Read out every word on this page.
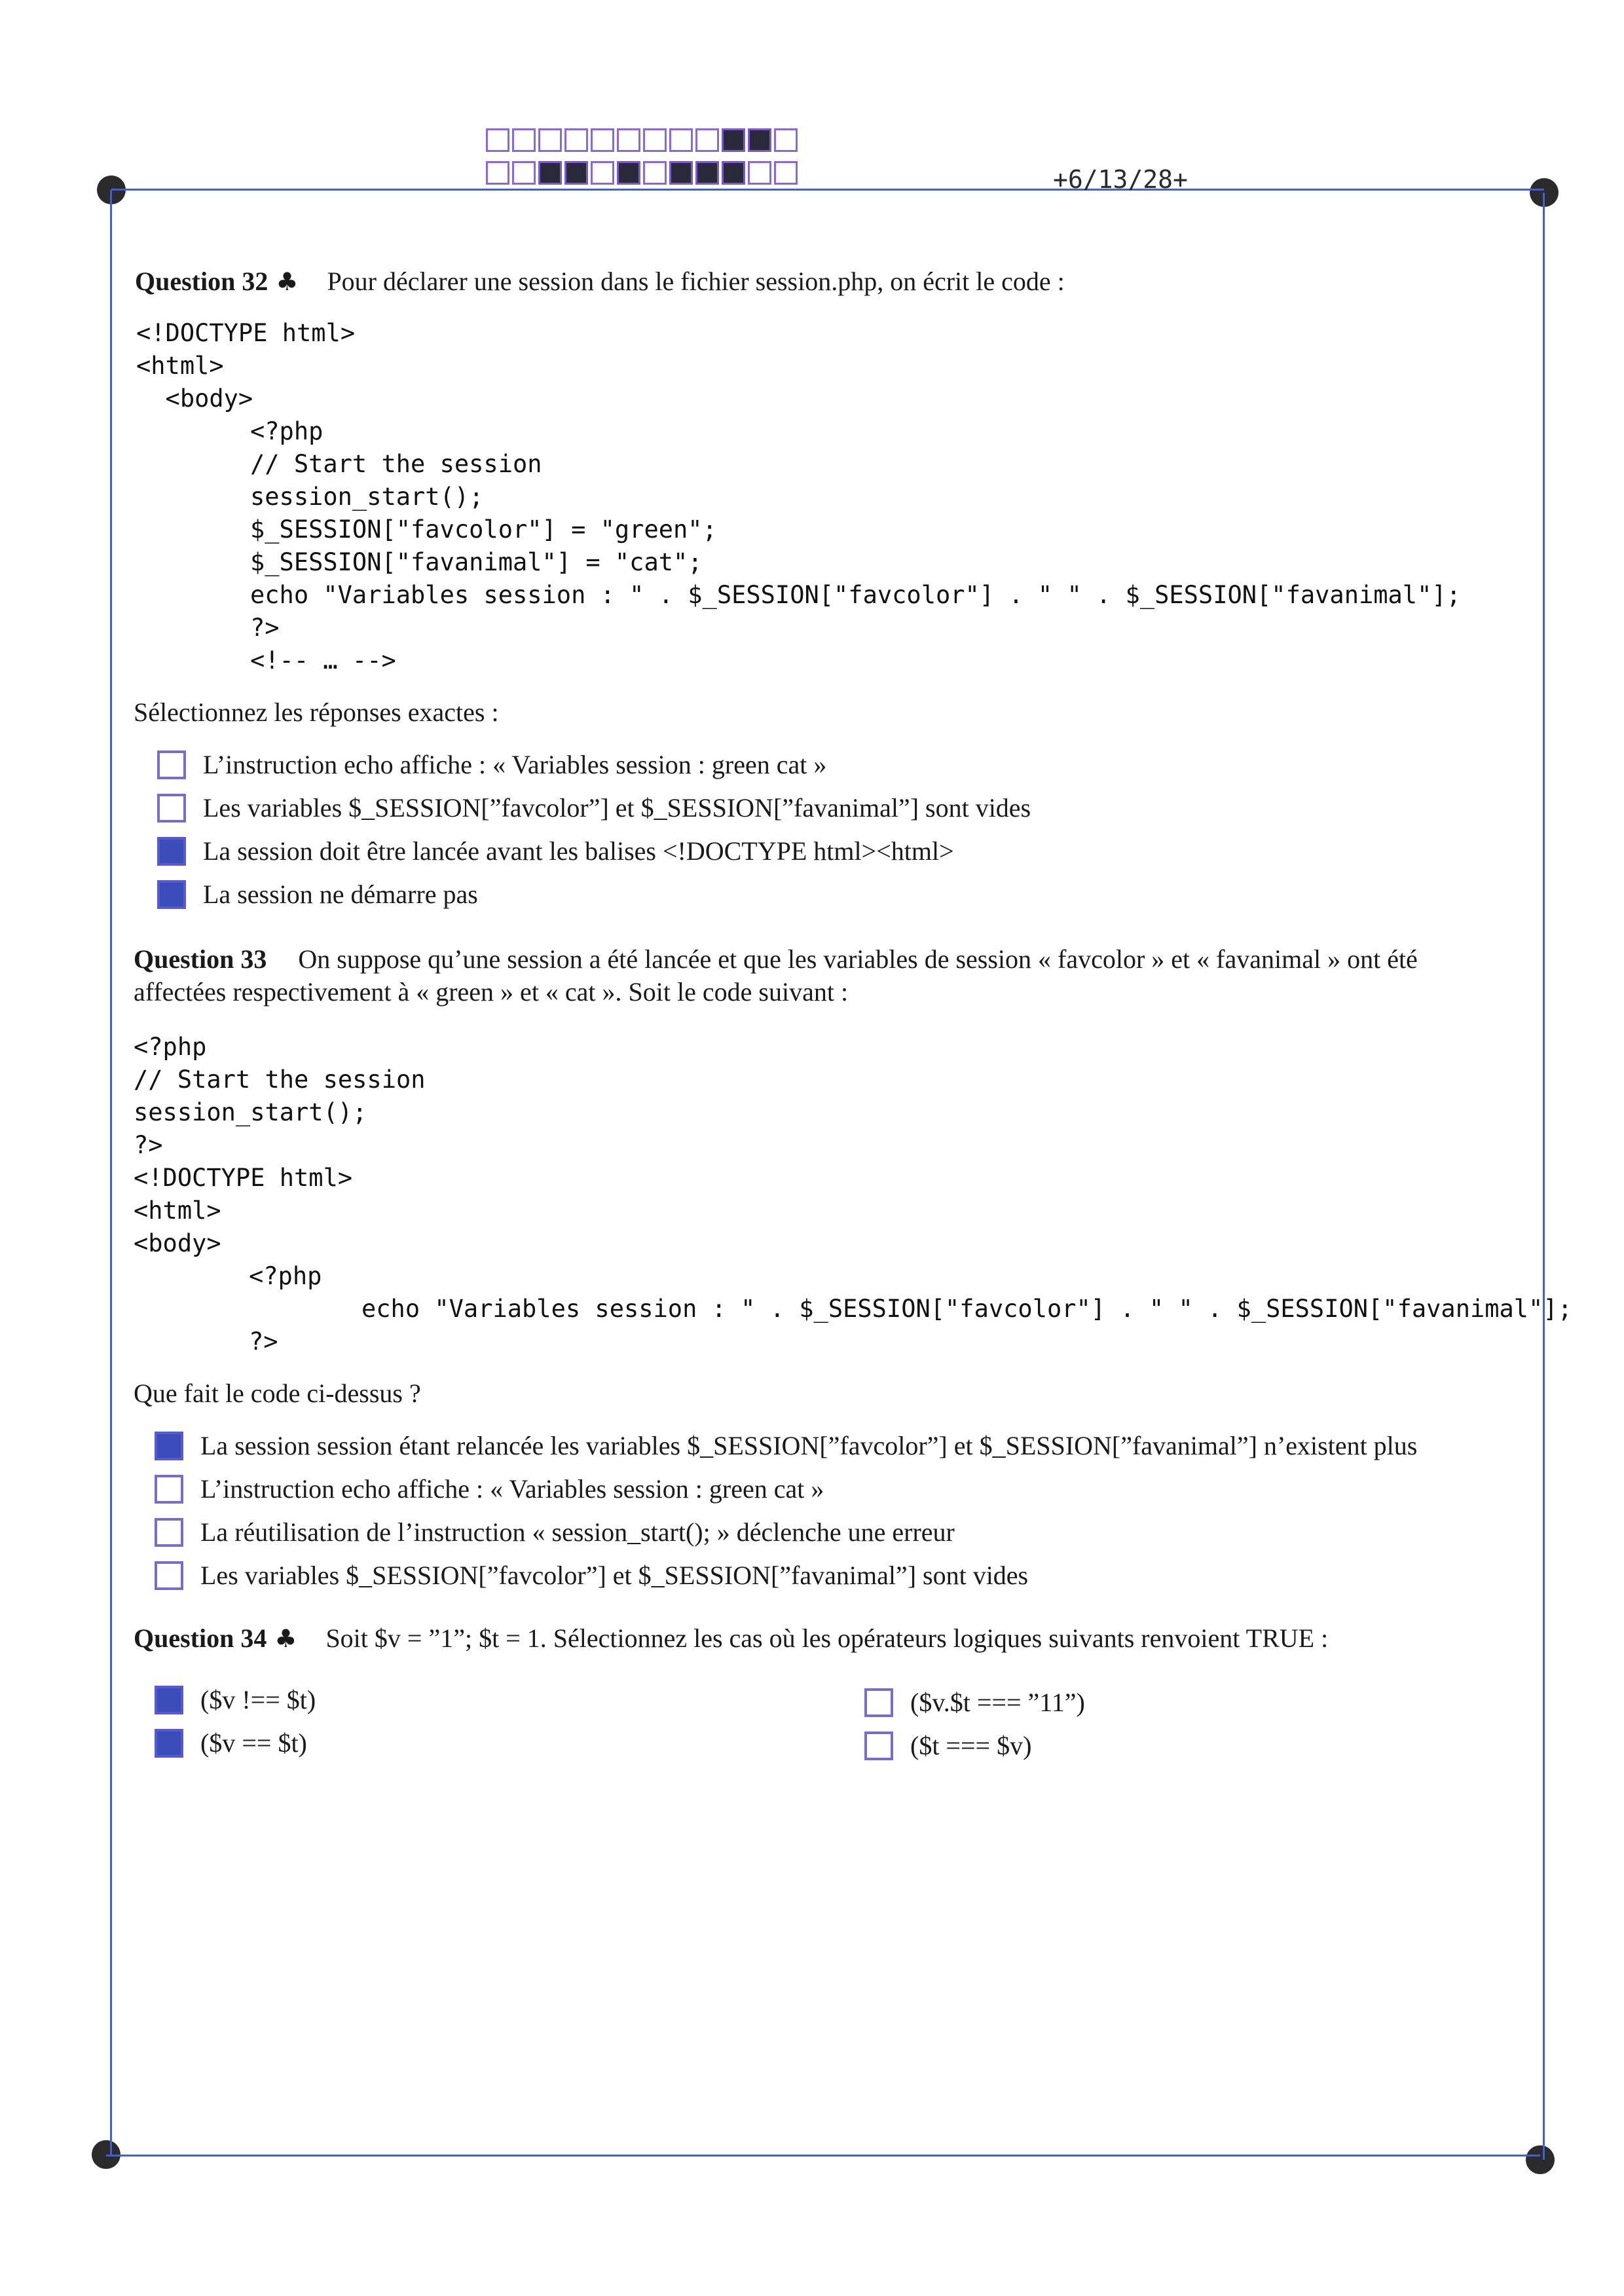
+6/13/28+
Question 32 ♣ Pour déclarer une session dans le fichier session.php, on écrit le code :
<!DOCTYPE html>
<html>
<body>
<?php
// Start the session
session_start();
$_SESSION["favcolor"] = "green";
$_SESSION["favanimal"] = "cat";
echo "Variables session : " . $_SESSION["favcolor"] . " " . $_SESSION["favanimal"];
?>
<!-- … -->
Sélectionnez les réponses exactes :
L’instruction echo affiche : « Variables session : green cat »
Les variables $_SESSION[”favcolor”] et $_SESSION[”favanimal”] sont vides
La session doit être lancée avant les balises <!DOCTYPE html><html>
La session ne démarre pas
Question 33 On suppose qu’une session a été lancée et que les variables de session « favcolor » et « favanimal » ont été
affectées respectivement à « green » et « cat ». Soit le code suivant :
<?php
// Start the session
session_start();
?>
<!DOCTYPE html>
<html>
<body>
<?php
echo "Variables session : " . $_SESSION["favcolor"] . " " . $_SESSION["favanimal"];
?>
Que fait le code ci-dessus ?
La session session étant relancée les variables $_SESSION[”favcolor”] et $_SESSION[”favanimal”] n’existent plus
L’instruction echo affiche : « Variables session : green cat »
La réutilisation de l’instruction « session_start(); » déclenche une erreur
Les variables $_SESSION[”favcolor”] et $_SESSION[”favanimal”] sont vides
Question 34 ♣ Soit $v = ”1”; $t = 1. Sélectionnez les cas où les opérateurs logiques suivants renvoient TRUE :
($v !== $t)
($v == $t)
($v.$t === ”11”)
($t === $v)
